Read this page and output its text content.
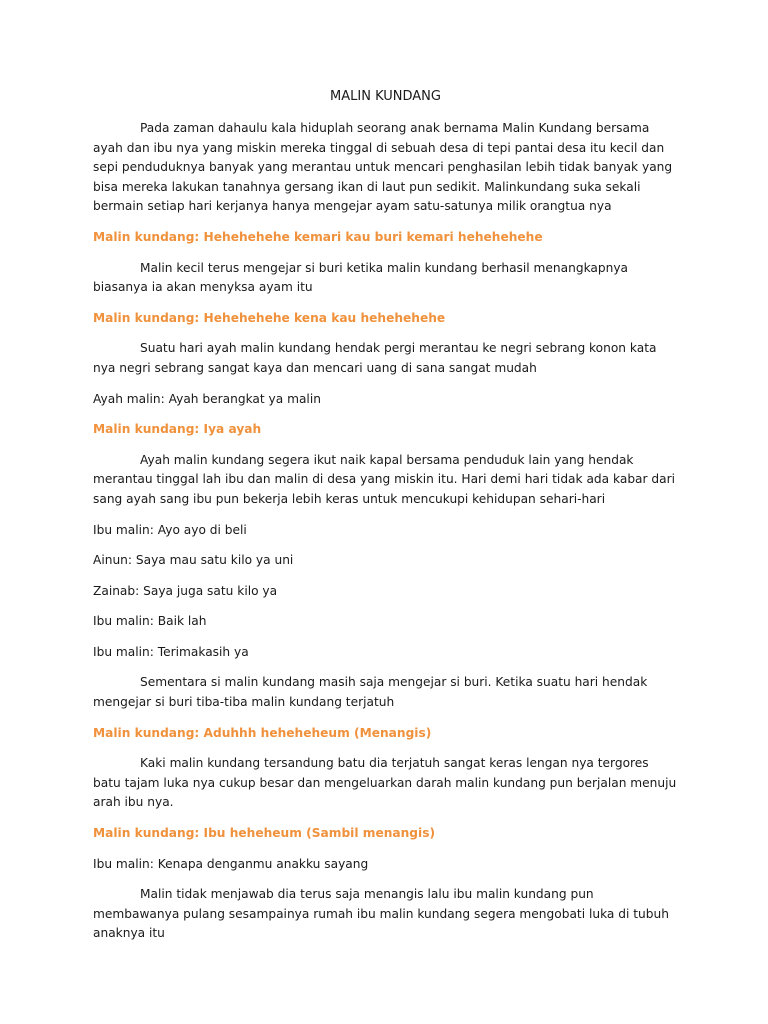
MALIN KUNDANG

Pada zaman dahaulu kala hiduplah seorang anak bernama Malin Kundang bersama ayah dan ibu nya yang miskin mereka tinggal di sebuah desa di tepi pantai desa itu kecil dan sepi penduduknya banyak yang merantau untuk mencari penghasilan lebih tidak banyak yang bisa mereka lakukan tanahnya gersang ikan di laut pun sedikit. Malinkundang suka sekali bermain setiap hari kerjanya hanya mengejar ayam satu-satunya milik orangtua nya

Malin kundang: Hehehehehe kemari kau buri kemari hehehehehe

Malin kecil terus mengejar si buri ketika malin kundang berhasil menangkapnya biasanya ia akan menyksa ayam itu

Malin kundang: Hehehehehe kena kau hehehehehe

Suatu hari ayah malin kundang hendak pergi merantau ke negri sebrang konon kata nya negri sebrang sangat kaya dan mencari uang di sana sangat mudah

Ayah malin: Ayah berangkat ya malin

Malin kundang: Iya ayah

Ayah malin kundang segera ikut naik kapal bersama penduduk lain yang hendak merantau tinggal lah ibu dan malin di desa yang miskin itu. Hari demi hari tidak ada kabar dari sang ayah sang ibu pun bekerja lebih keras untuk mencukupi kehidupan sehari-hari

Ibu malin: Ayo ayo di beli

Ainun: Saya mau satu kilo ya uni

Zainab: Saya juga satu kilo ya

Ibu malin: Baik lah

Ibu malin: Terimakasih ya

Sementara si malin kundang masih saja mengejar si buri. Ketika suatu hari hendak mengejar si buri tiba-tiba malin kundang terjatuh

Malin kundang: Aduhhh heheheheum (Menangis)

Kaki malin kundang tersandung batu dia terjatuh sangat keras lengan nya tergores batu tajam luka nya cukup besar dan mengeluarkan darah malin kundang pun berjalan menuju arah ibu nya.

Malin kundang: Ibu heheheum (Sambil menangis)

Ibu malin: Kenapa denganmu anakku sayang

Malin tidak menjawab dia terus saja menangis lalu ibu malin kundang pun membawanya pulang sesampainya rumah ibu malin kundang segera mengobati luka di tubuh anaknya itu
